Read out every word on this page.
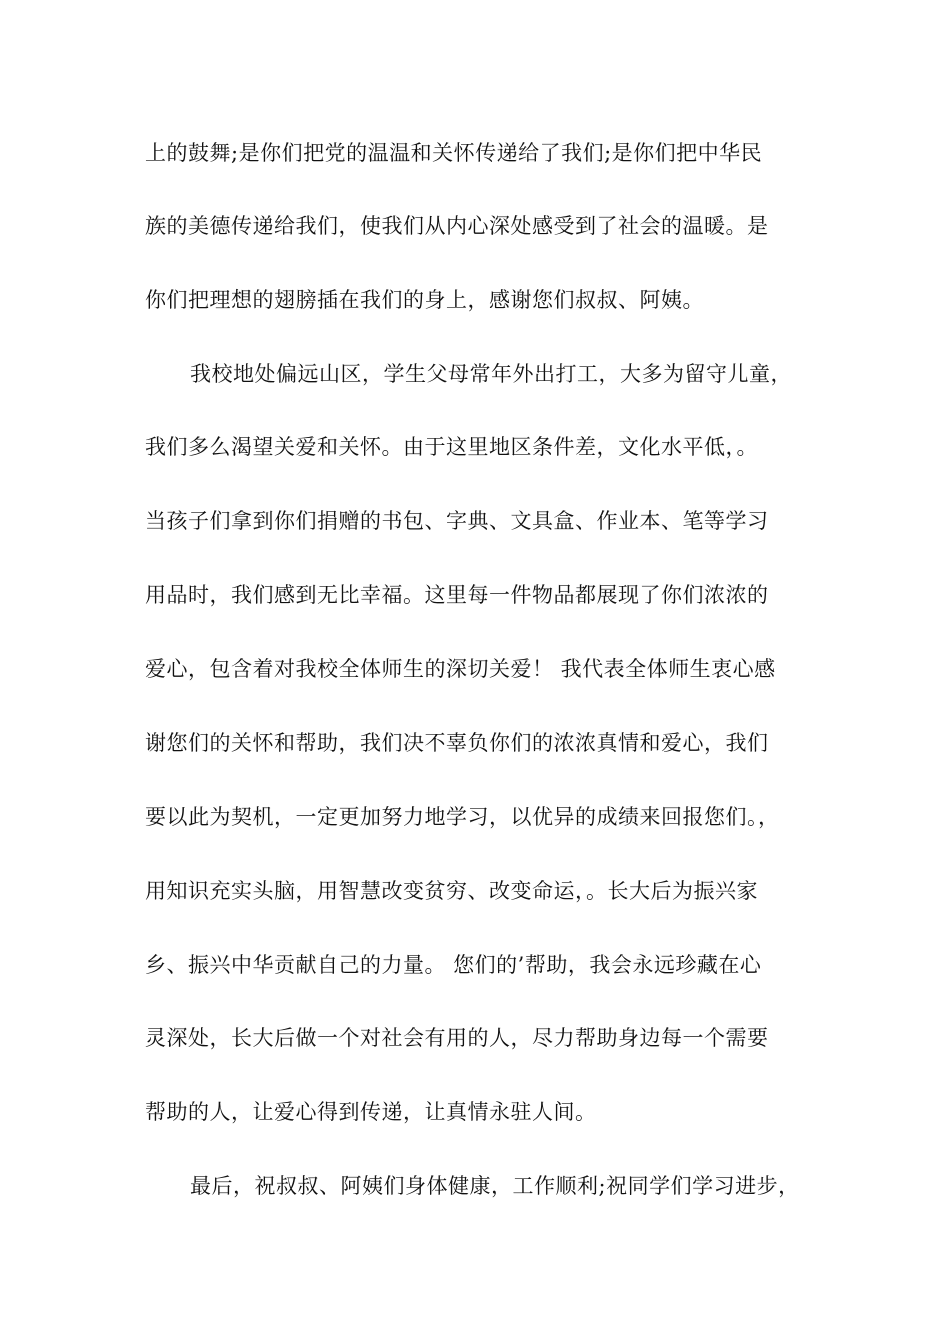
上的鼓舞;是你们把党的温温和关怀传递给了我们;是你们把中华民
族的美德传递给我们，使我们从内心深处感受到了社会的温暖。是
你们把理想的翅膀插在我们的身上，感谢您们叔叔、阿姨。
我校地处偏远山区，学生父母常年外出打工，大多为留守儿童，
我们多么渴望关爱和关怀。由于这里地区条件差，文化水平低，。
当孩子们拿到你们捐赠的书包、字典、文具盒、作业本、笔等学习
用品时，我们感到无比幸福。这里每一件物品都展现了你们浓浓的
爱心，包含着对我校全体师生的深切关爱！ 我代表全体师生衷心感
谢您们的关怀和帮助，我们决不辜负你们的浓浓真情和爱心，我们
要以此为契机，一定更加努力地学习，以优异的成绩来回报您们。，
用知识充实头脑，用智慧改变贫穷、改变命运，。长大后为振兴家
乡、振兴中华贡献自己的力量。 您们的’帮助，我会永远珍藏在心
灵深处，长大后做一个对社会有用的人，尽力帮助身边每一个需要
帮助的人，让爱心得到传递，让真情永驻人间。
最后，祝叔叔、阿姨们身体健康，工作顺利;祝同学们学习进步，
